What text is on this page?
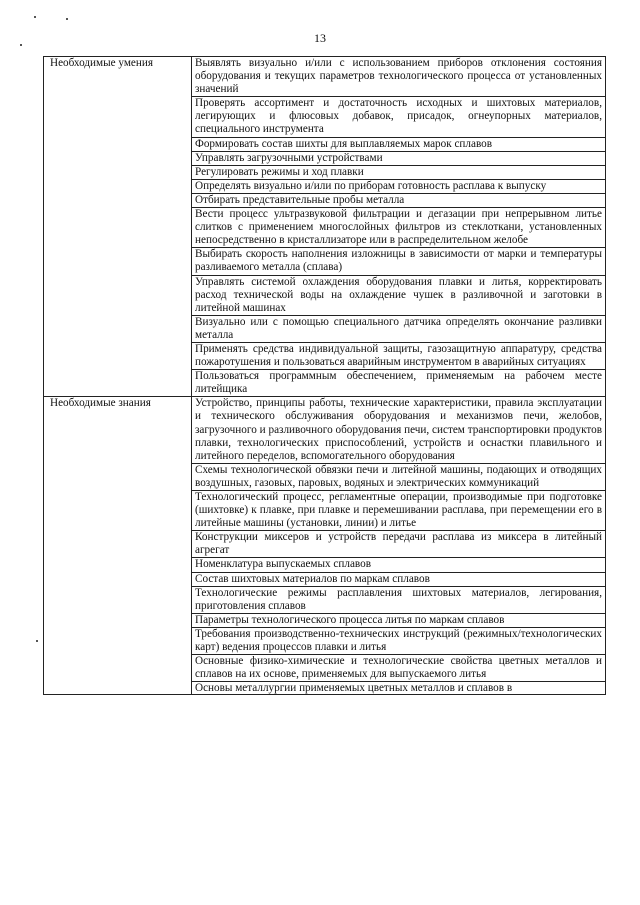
13
Необходимые умения	Выявлять визуально и/или с использованием приборов отклонения состояния оборудования и текущих параметров технологического процесса от установленных значений
	Проверять ассортимент и достаточность исходных и шихтовых материалов, легирующих и флюсовых добавок, присадок, огнеупорных материалов, специального инструмента
	Формировать состав шихты для выплавляемых марок сплавов
	Управлять загрузочными устройствами
	Регулировать режимы и ход плавки
	Определять визуально и/или по приборам готовность расплава к выпуску
	Отбирать представительные пробы металла
	Вести процесс ультразвуковой фильтрации и дегазации при непрерывном литье слитков с применением многослойных фильтров из стеклоткани, установленных непосредственно в кристаллизаторе или в распределительном желобе
	Выбирать скорость наполнения изложницы в зависимости от марки и температуры разливаемого металла (сплава)
	Управлять системой охлаждения оборудования плавки и литья, корректировать расход технической воды на охлаждение чушек в разливочной и заготовки в литейной машинах
	Визуально или с помощью специального датчика определять окончание разливки металла
	Применять средства индивидуальной защиты, газозащитную аппаратуру, средства пожаротушения и пользоваться аварийным инструментом в аварийных ситуациях
	Пользоваться программным обеспечением, применяемым на рабочем месте литейщика
Необходимые знания	Устройство, принципы работы, технические характеристики, правила эксплуатации и технического обслуживания оборудования и механизмов печи, желобов, загрузочного и разливочного оборудования печи, систем транспортировки продуктов плавки, технологических приспособлений, устройств и оснастки плавильного и литейного переделов, вспомогательного оборудования
	Схемы технологической обвязки печи и литейной машины, подающих и отводящих воздушных, газовых, паровых, водяных и электрических коммуникаций
	Технологический процесс, регламентные операции, производимые при подготовке (шихтовке) к плавке, при плавке и перемешивании расплава, при перемещении его в литейные машины (установки, линии) и литье
	Конструкции миксеров и устройств передачи расплава из миксера в литейный агрегат
	Номенклатура выпускаемых сплавов
	Состав шихтовых материалов по маркам сплавов
	Технологические режимы расплавления шихтовых материалов, легирования, приготовления сплавов
	Параметры технологического процесса литья по маркам сплавов
	Требования производственно-технических инструкций (режимных/технологических карт) ведения процессов плавки и литья
	Основные физико-химические и технологические свойства цветных металлов и сплавов на их основе, применяемых для выпускаемого литья

	Основы металлургии применяемых цветных металлов и сплавов в
